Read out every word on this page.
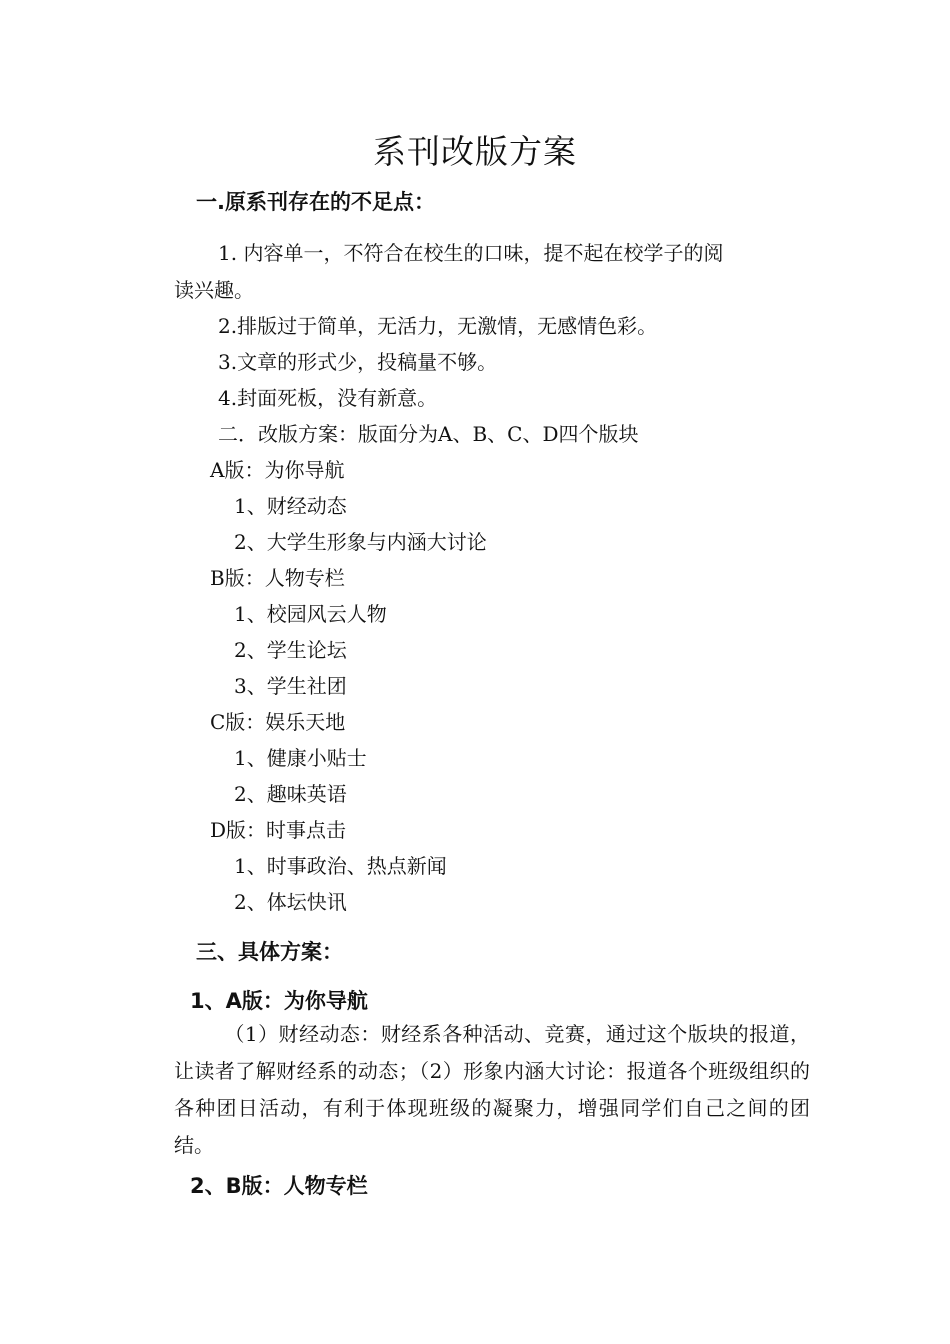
系刊改版方案
一.原系刊存在的不足点：
1. 内容单一，不符合在校生的口味，提不起在校学子的阅
读兴趣。
2.排版过于简单，无活力，无激情，无感情色彩。
3.文章的形式少，投稿量不够。
4.封面死板，没有新意。
二．改版方案：版面分为A、B、C、D四个版块
A版：为你导航
1、财经动态
2、大学生形象与内涵大讨论
B版：人物专栏
1、校园风云人物
2、学生论坛
3、学生社团
C版：娱乐天地
1、健康小贴士
2、趣味英语
D版：时事点击
1、时事政治、热点新闻
2、体坛快讯
三、具体方案：
1、A版：为你导航
（1）财经动态：财经系各种活动、竞赛，通过这个版块的报道，让读者了解财经系的动态；（2）形象内涵大讨论：报道各个班级组织的各种团日活动，有利于体现班级的凝聚力，增强同学们自己之间的团结。
2、B版：人物专栏
